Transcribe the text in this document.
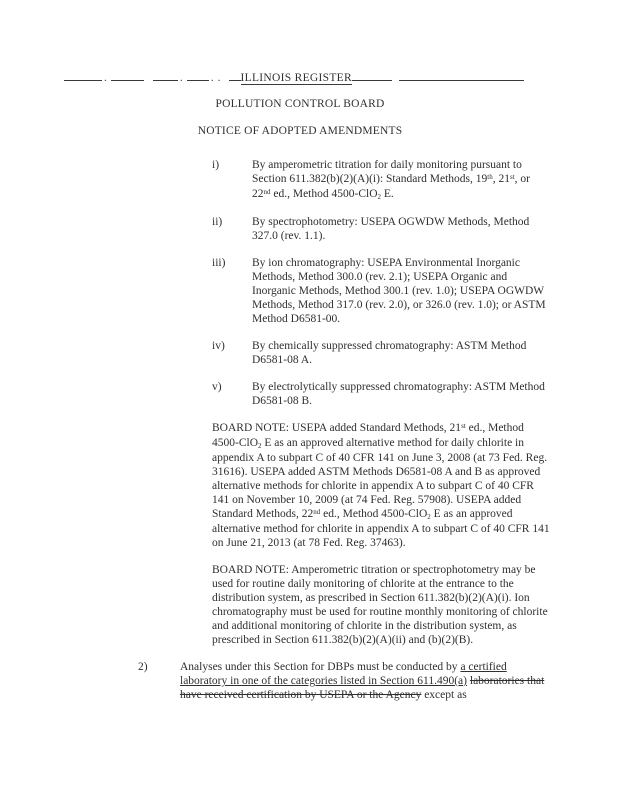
.	. . . ILLINOIS REGISTER
POLLUTION CONTROL BOARD
NOTICE OF ADOPTED AMENDMENTS
i)	By amperometric titration for daily monitoring pursuant to Section 611.382(b)(2)(A)(i): Standard Methods, 19th, 21st, or 22nd ed., Method 4500-ClO2 E.
ii)	By spectrophotometry: USEPA OGWDW Methods, Method 327.0 (rev. 1.1).
iii)	By ion chromatography: USEPA Environmental Inorganic Methods, Method 300.0 (rev. 2.1); USEPA Organic and Inorganic Methods, Method 300.1 (rev. 1.0); USEPA OGWDW Methods, Method 317.0 (rev. 2.0), or 326.0 (rev. 1.0); or ASTM Method D6581-00.
iv)	By chemically suppressed chromatography: ASTM Method D6581-08 A.
v)	By electrolytically suppressed chromatography: ASTM Method D6581-08 B.
BOARD NOTE: USEPA added Standard Methods, 21st ed., Method 4500-ClO2 E as an approved alternative method for daily chlorite in appendix A to subpart C of 40 CFR 141 on June 3, 2008 (at 73 Fed. Reg. 31616). USEPA added ASTM Methods D6581-08 A and B as approved alternative methods for chlorite in appendix A to subpart C of 40 CFR 141 on November 10, 2009 (at 74 Fed. Reg. 57908). USEPA added Standard Methods, 22nd ed., Method 4500-ClO2 E as an approved alternative method for chlorite in appendix A to subpart C of 40 CFR 141 on June 21, 2013 (at 78 Fed. Reg. 37463).
BOARD NOTE: Amperometric titration or spectrophotometry may be used for routine daily monitoring of chlorite at the entrance to the distribution system, as prescribed in Section 611.382(b)(2)(A)(i). Ion chromatography must be used for routine monthly monitoring of chlorite and additional monitoring of chlorite in the distribution system, as prescribed in Section 611.382(b)(2)(A)(ii) and (b)(2)(B).
2)	Analyses under this Section for DBPs must be conducted by a certified laboratory in one of the categories listed in Section 611.490(a) laboratories that have received certification by USEPA or the Agency except as
